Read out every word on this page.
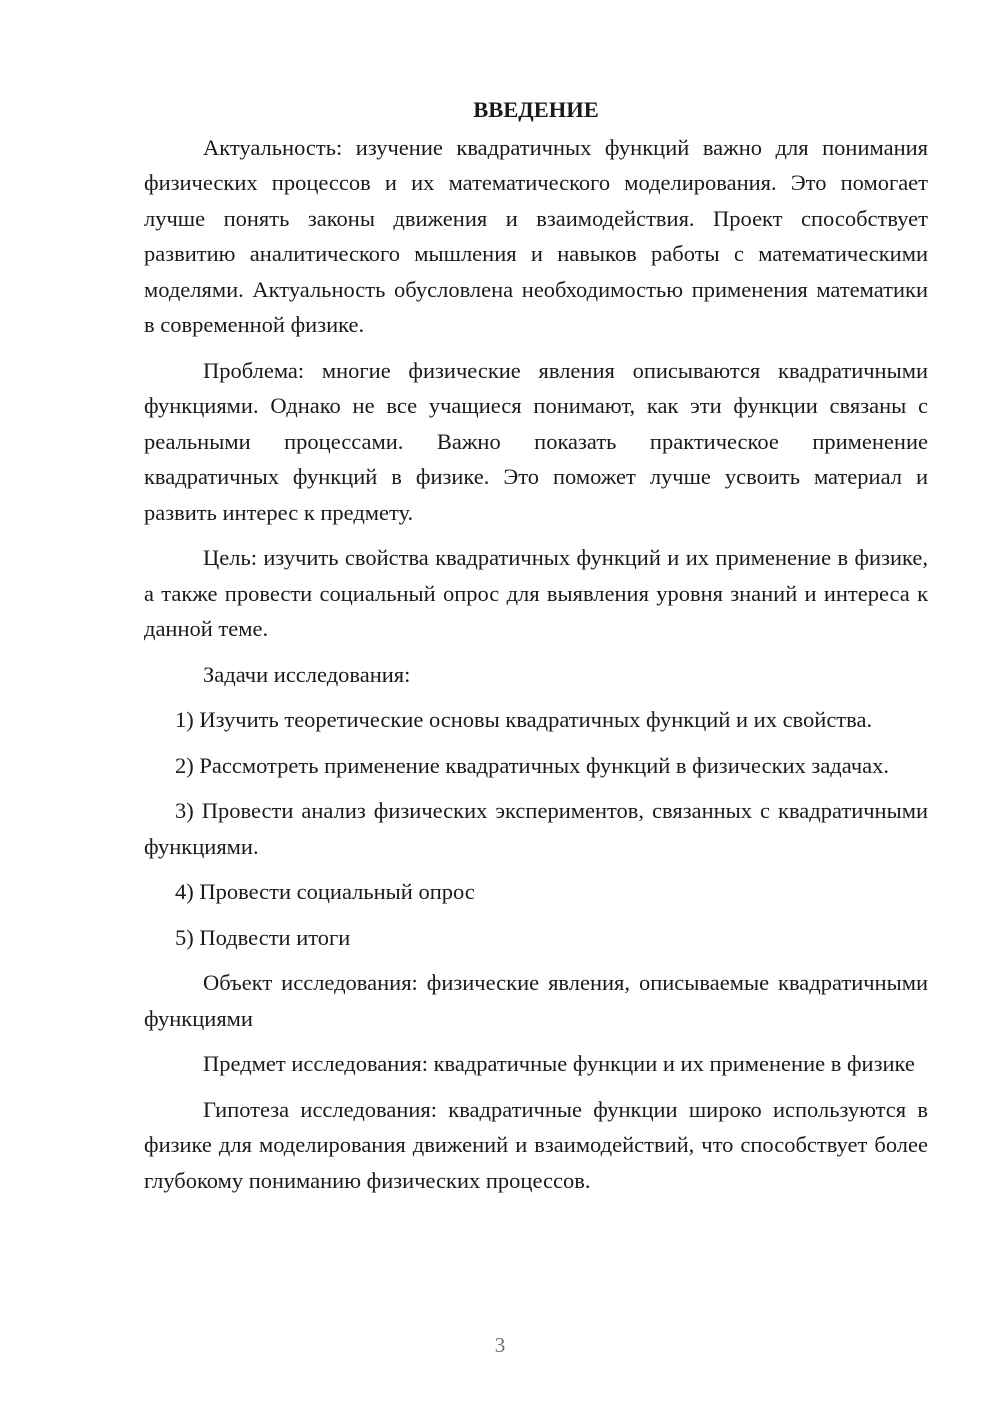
ВВЕДЕНИЕ

Актуальность: изучение квадратичных функций важно для понимания физических процессов и их математического моделирования. Это помогает лучше понять законы движения и взаимодействия. Проект способствует развитию аналитического мышления и навыков работы с математическими моделями. Актуальность обусловлена необходимостью применения математики в современной физике.

Проблема: многие физические явления описываются квадратичными функциями. Однако не все учащиеся понимают, как эти функции связаны с реальными процессами. Важно показать практическое применение квадратичных функций в физике. Это поможет лучше усвоить материал и развить интерес к предмету.

Цель: изучить свойства квадратичных функций и их применение в физике, а также провести социальный опрос для выявления уровня знаний и интереса к данной теме.

Задачи исследования:

1) Изучить теоретические основы квадратичных функций и их свойства.

2) Рассмотреть применение квадратичных функций в физических задачах.

3) Провести анализ физических экспериментов, связанных с квадратичными функциями.

4) Провести социальный опрос

5) Подвести итоги

Объект исследования: физические явления, описываемые квадратичными функциями

Предмет исследования: квадратичные функции и их применение в физике

Гипотеза исследования: квадратичные функции широко используются в физике для моделирования движений и взаимодействий, что способствует более глубокому пониманию физических процессов.

3
